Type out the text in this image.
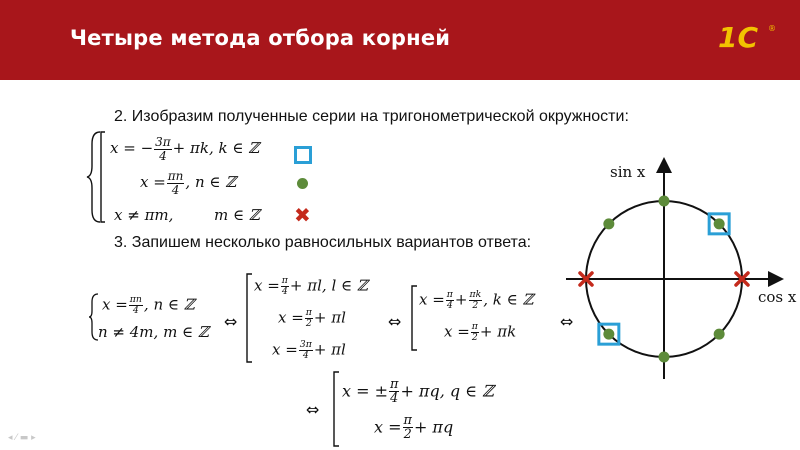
Четыре метода отбора корней	1С ®
2. Изобразим полученные серии на тригонометрической окружности:
x = − $\frac{3\pi}{4} + \pi k$, k ∈ ℤ
$x = \frac{\pi n}{4}$ , n ∈ ℤ
x ≠ πm,	m ∈ ℤ ✖
3. Запишем несколько равносильных вариантов ответа:
$x = \frac{\pi n}{4}$ , n ∈ ℤ
n ≠ 4m, m ∈ ℤ
⇔
$x = \frac{\pi}{4} + \pi l$, l ∈ ℤ
$x = \frac{\pi}{2} + \pi l$
$x = \frac{3\pi}{4} + \pi l$
⇔
$x = \frac{\pi}{4} + \frac{\pi k}{2}$ , k ∈ ℤ
$x = \frac{\pi}{2} + \pi k$
⇔
⇔
x = ± $\frac{\pi}{4} + \pi q$, q ∈ ℤ
$x = \frac{\pi}{2} + \pi q$
sin x
cos x
◂ ⁄ ▬ ▸
